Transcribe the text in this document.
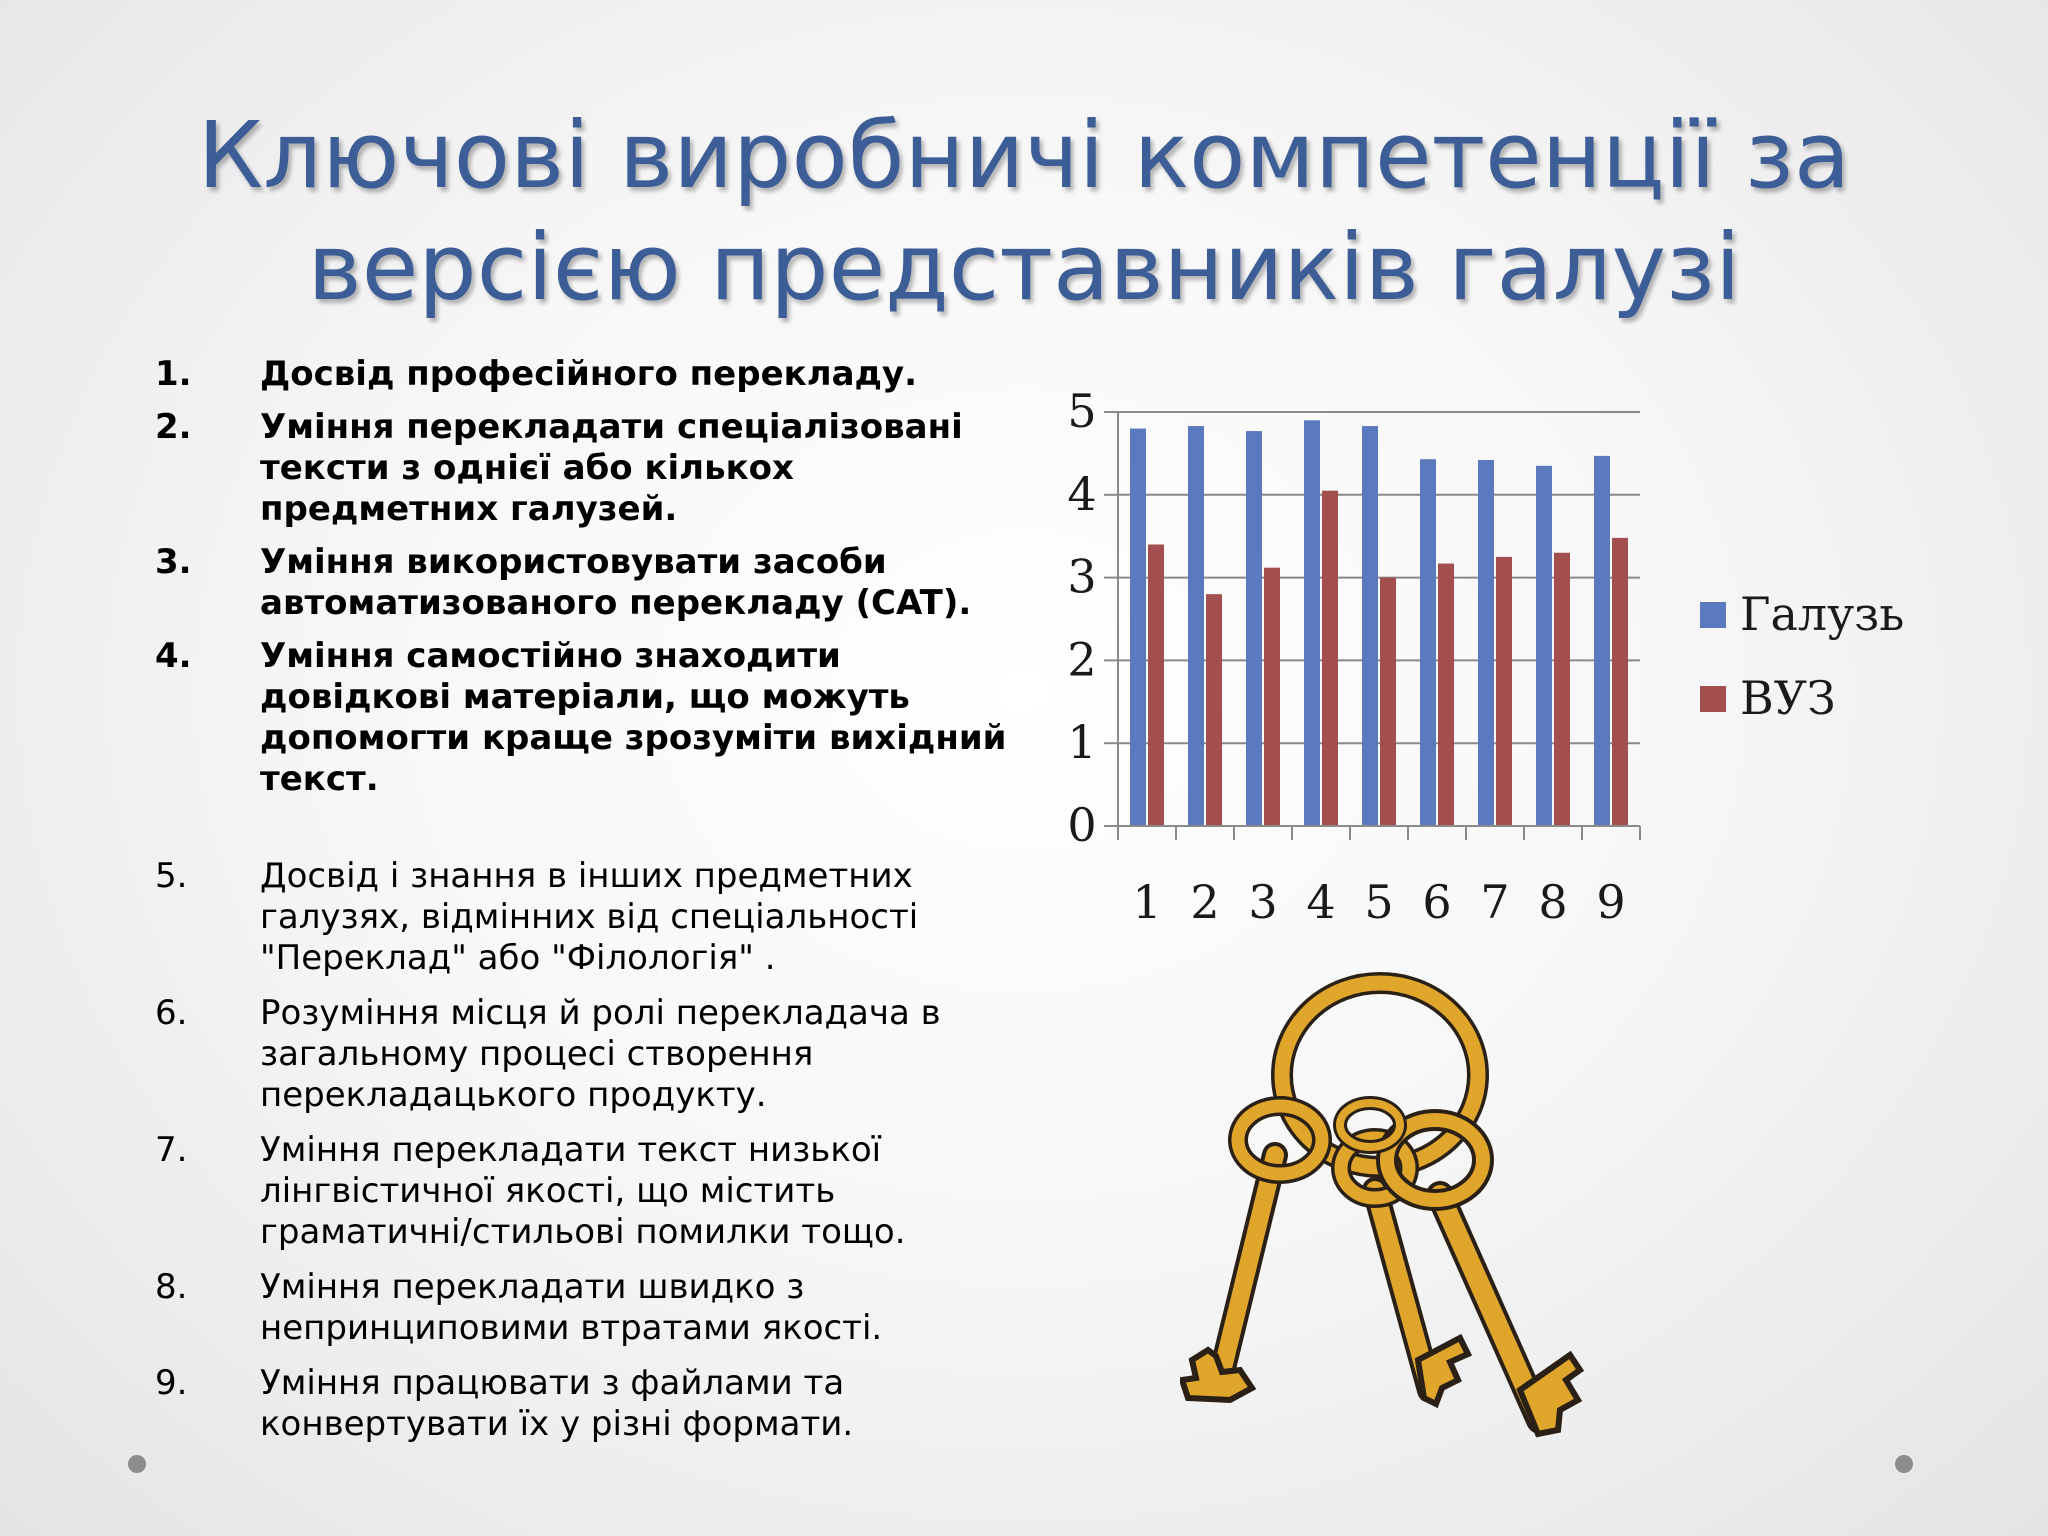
Ключові виробничі компетенції за
версією представників галузі
1. Досвід професійного перекладу.
2. Уміння перекладати спеціалізовані тексти з однієї або кількох предметних галузей.
3. Уміння використовувати засоби автоматизованого перекладу (CAT).
4. Уміння самостійно знаходити довідкові матеріали, що можуть допомогти краще зрозуміти вихідний текст.
5. Досвід і знання в інших предметних галузях, відмінних від спеціальності "Переклад" або "Філологія" .
6. Розуміння місця й ролі перекладача в загальному процесі створення перекладацького продукту.
7. Уміння перекладати текст низької лінгвістичної якості, що містить граматичні/стильові помилки тощо.
8. Уміння перекладати швидко з непринциповими втратами якості.
9. Уміння працювати з файлами та конвертувати їх у різні формати.
0
1
2
3
4
5
1 2 3 4 5 6 7 8 9
Галузь
ВУЗ
